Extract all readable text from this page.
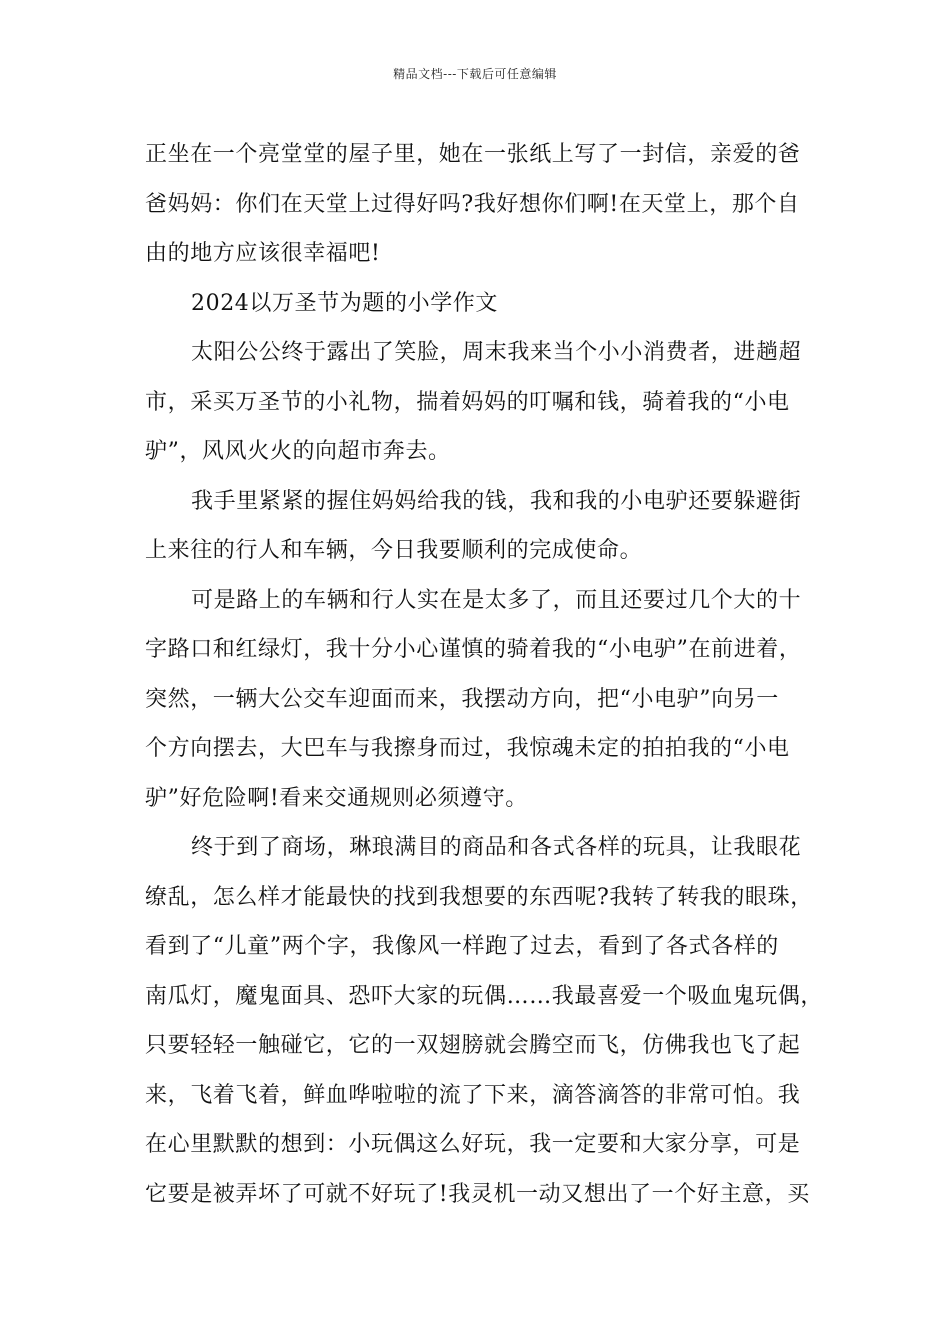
精品文档---下载后可任意编辑

正坐在一个亮堂堂的屋子里，她在一张纸上写了一封信，亲爱的爸
爸妈妈：你们在天堂上过得好吗?我好想你们啊!在天堂上，那个自
由的地方应该很幸福吧!

2024以万圣节为题的小学作文

太阳公公终于露出了笑脸，周末我来当个小小消费者，进趟超
市，采买万圣节的小礼物，揣着妈妈的叮嘱和钱，骑着我的“小电
驴”，风风火火的向超市奔去。

我手里紧紧的握住妈妈给我的钱，我和我的小电驴还要躲避街
上来往的行人和车辆，今日我要顺利的完成使命。

可是路上的车辆和行人实在是太多了，而且还要过几个大的十
字路口和红绿灯，我十分小心谨慎的骑着我的“小电驴”在前进着，
突然，一辆大公交车迎面而来，我摆动方向，把“小电驴”向另一
个方向摆去，大巴车与我擦身而过，我惊魂未定的拍拍我的“小电
驴”好危险啊!看来交通规则必须遵守。

终于到了商场，琳琅满目的商品和各式各样的玩具，让我眼花
缭乱，怎么样才能最快的找到我想要的东西呢?我转了转我的眼珠，
看到了“儿童”两个字，我像风一样跑了过去，看到了各式各样的
南瓜灯，魔鬼面具、恐吓大家的玩偶……我最喜爱一个吸血鬼玩偶，
只要轻轻一触碰它，它的一双翅膀就会腾空而飞，仿佛我也飞了起
来，飞着飞着，鲜血哗啦啦的流了下来，滴答滴答的非常可怕。我
在心里默默的想到：小玩偶这么好玩，我一定要和大家分享，可是
它要是被弄坏了可就不好玩了!我灵机一动又想出了一个好主意，买
